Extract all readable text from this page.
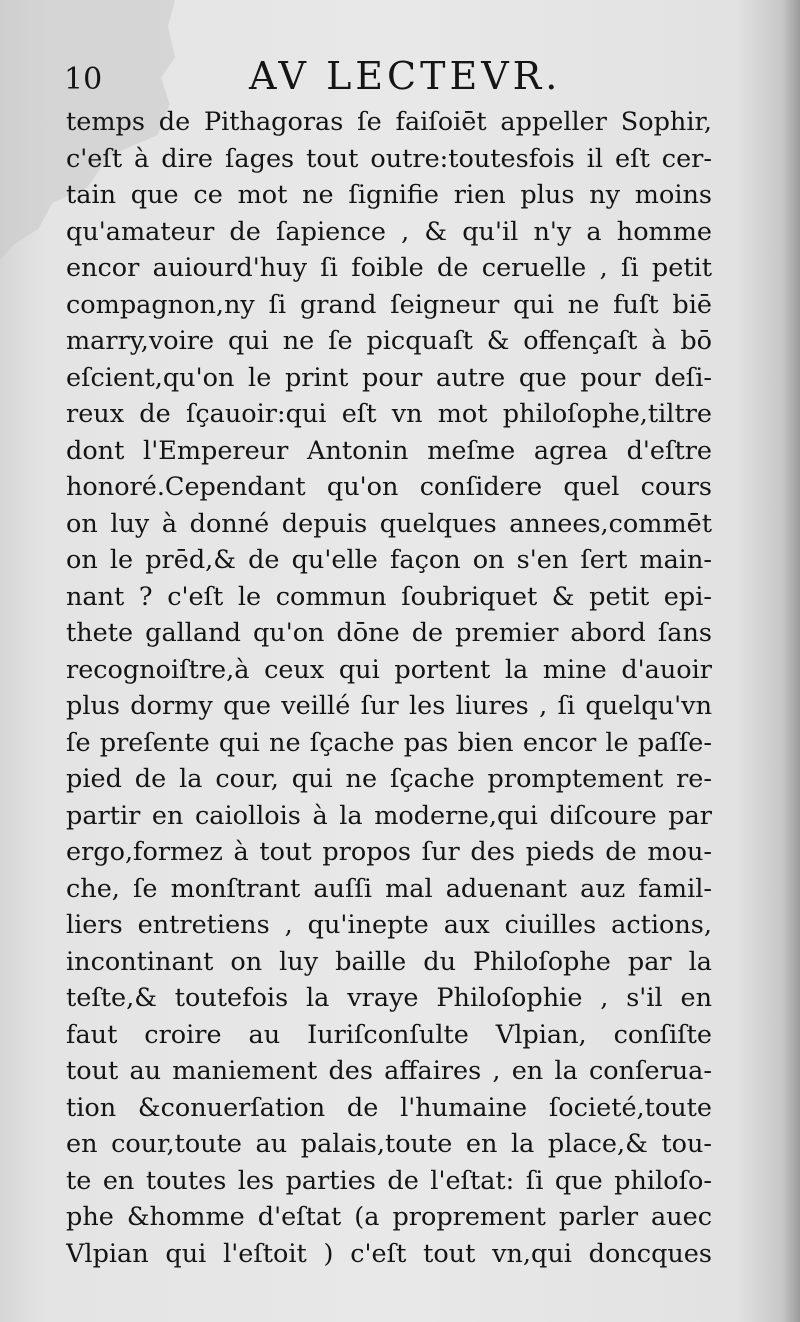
10	AV LECTEVR.
temps de Pithagoras ſe faiſoiēt appeller Sophir,
c'eſt à dire ſages tout outre:toutesfois il eſt cer-
tain que ce mot ne ſignifie rien plus ny moins
qu'amateur de ſapience , & qu'il n'y a homme
encor auiourd'huy ſi foible de ceruelle , ſi petit
compagnon,ny ſi grand ſeigneur qui ne fuſt biē
marry,voire qui ne ſe picquaſt & offençaſt à bō
eſcient,qu'on le print pour autre que pour deſi-
reux de ſçauoir:qui eſt vn mot philoſophe,tiltre
dont l'Empereur Antonin meſme agrea d'eſtre
honoré.Cependant qu'on conſidere quel cours
on luy à donné depuis quelques annees,commēt
on le prēd,& de qu'elle façon on s'en ſert main-
nant ? c'eſt le commun ſoubriquet & petit epi-
thete galland qu'on dōne de premier abord ſans
recognoiſtre,à ceux qui portent la mine d'auoir
plus dormy que veillé ſur les liures , ſi quelqu'vn
ſe preſente qui ne ſçache pas bien encor le paſſe-
pied de la cour, qui ne ſçache promptement re-
partir en caiollois à la moderne,qui diſcoure par
ergo,formez à tout propos ſur des pieds de mou-
che, ſe monſtrant auſſi mal aduenant auz famil-
liers entretiens , qu'inepte aux ciuilles actions,
incontinant on luy baille du Philoſophe par la
teſte,& toutefois la vraye Philoſophie , s'il en
faut croire au Iuriſconſulte Vlpian, conſiſte
tout au maniement des affaires , en la conſerua-
tion &conuerſation de l'humaine ſocieté,toute
en cour,toute au palais,toute en la place,& tou-
te en toutes les parties de l'eſtat: ſi que philoſo-
phe &homme d'eſtat (a proprement parler auec
Vlpian qui l'eſtoit ) c'eſt tout vn,qui doncques
